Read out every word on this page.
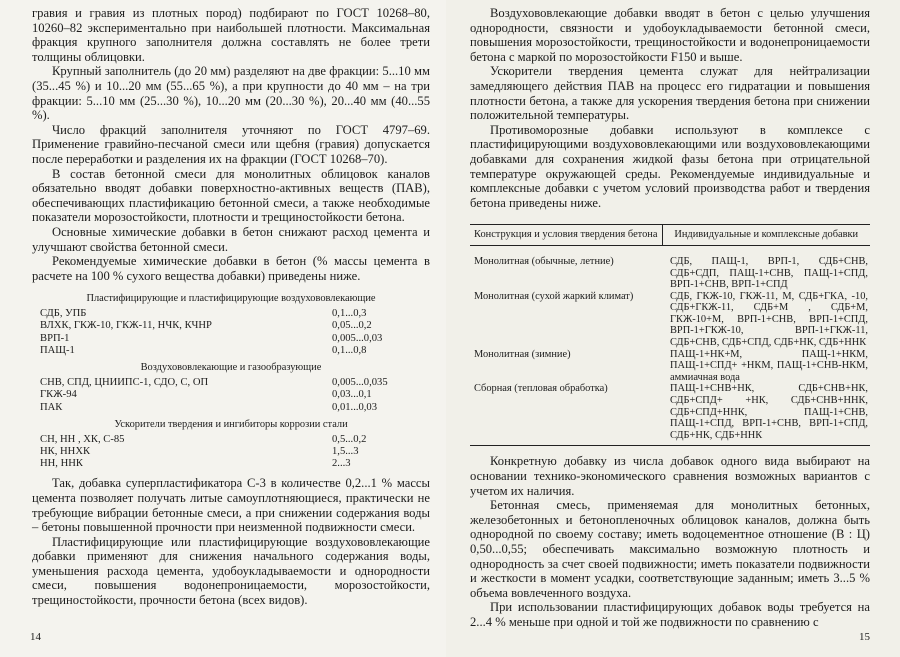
гравия и гравия из плотных пород) подбирают по ГОСТ 10268–80, 10260–82 экспериментально при наибольшей плотности. Максимальная фракция крупного заполнителя должна составлять не более трети толщины облицовки.

Крупный заполнитель (до 20 мм) разделяют на две фракции: 5...10 мм (35...45 %) и 10...20 мм (55...65 %), а при крупности до 40 мм – на три фракции: 5...10 мм (25...30 %), 10...20 мм (20...30 %), 20...40 мм (40...55 %).

Число фракций заполнителя уточняют по ГОСТ 4797–69. Применение гравийно-песчаной смеси или щебня (гравия) допускается после переработки и разделения их на фракции (ГОСТ 10268–70).

В состав бетонной смеси для монолитных облицовок каналов обязательно вводят добавки поверхностно-активных веществ (ПАВ), обеспечивающих пластификацию бетонной смеси, а также необходимые показатели морозостойкости, плотности и трещиностойкости бетона.

Основные химические добавки в бетон снижают расход цемента и улучшают свойства бетонной смеси.

Рекомендуемые химические добавки в бетон (% массы цемента в расчете на 100 % сухого вещества добавки) приведены ниже.

Пластифицирующие и пластифицирующие воздухововлекающие
СДБ, УПБ	0,1...0,3
ВЛХК, ГКЖ-10, ГКЖ-11, НЧК, КЧНР	0,05...0,2
ВРП-1	0,005...0,03
ПАЩ-1	0,1...0,8
Воздухововлекающие и газообразующие
СНВ, СПД, ЦНИИПС-1, СДО, С, ОП	0,005...0,035
ГКЖ-94	0,03...0,1
ПАК	0,01...0,03
Ускорители твердения и ингибиторы коррозии стали
СН, НН , ХК, С-85	0,5...0,2
НК, ННХК	1,5...3
НН, ННК	2...3

Так, добавка суперпластификатора С-3 в количестве 0,2...1 % массы цемента позволяет получать литые самоуплотняющиеся, практически не требующие вибрации бетонные смеси, а при снижении содержания воды – бетоны повышенной прочности при неизменной подвижности смеси.

Пластифицирующие или пластифицирующие воздухововлекающие добавки применяют для снижения начального содержания воды, уменьшения расхода цемента, удобоукладываемости и однородности смеси, повышения водонепроницаемости, морозостойкости, трещиностойкости, прочности бетона (всех видов).

14

Воздухововлекающие добавки вводят в бетон с целью улучшения однородности, связности и удобоукладываемости бетонной смеси, повышения морозостойкости, трещиностойкости и водонепроницаемости бетона с маркой по морозостойкости F150 и выше.

Ускорители твердения цемента служат для нейтрализации замедляющего действия ПАВ на процесс его гидратации и повышения плотности бетона, а также для ускорения твердения бетона при снижении положительной температуры.

Противоморозные добавки используют в комплексе с пластифицирующими воздухововлекающими или воздухововлекающими добавками для сохранения жидкой фазы бетона при отрицательной температуре окружающей среды. Рекомендуемые индивидуальные и комплексные добавки с учетом условий производства работ и твердения бетона приведены ниже.

Конструкция и условия твердения бетона	Индивидуальные и комплексные добавки
Монолитная (обычные, летние)	СДБ, ПАЩ-1, ВРП-1, СДБ+СНВ, СДБ+СДП, ПАЩ-1+СНВ, ПАЩ-1+СПД, ВРП-1+СНВ, ВРП-1+СПД
Монолитная (сухой жаркий климат)	СДБ, ГКЖ-10, ГКЖ-11, М, СДБ+ГКА, -10, СДБ+ГКЖ-11, СДБ+М , СДБ+М, ГКЖ-10+М, ВРП-1+СНВ, ВРП-1+СПД, ВРП-1+ГКЖ-10, ВРП-1+ГКЖ-11, СДБ+СНВ, СДБ+СПД, СДБ+НК, СДБ+ННК
Монолитная (зимние)	ПАЩ-1+НК+М, ПАЩ-1+НКМ, ПАЩ-1+СПД+ +НКМ, ПАЩ-1+СНВ-НКМ, аммиачная вода
Сборная (тепловая обработка)	ПАЩ-1+СНВ+НК, СДБ+СНВ+НК, СДБ+СПД+ +НК, СДБ+СНВ+ННК, СДБ+СПД+ННК, ПАЩ-1+СНВ, ПАЩ-1+СПД, ВРП-1+СНВ, ВРП-1+СПД, СДБ+НК, СДБ+ННК

Конкретную добавку из числа добавок одного вида выбирают на основании технико-экономического сравнения возможных вариантов с учетом их наличия.

Бетонная смесь, применяемая для монолитных бетонных, железобетонных и бетонопленочных облицовок каналов, должна быть однородной по своему составу; иметь водоцементное отношение (В : Ц) 0,50...0,55; обеспечивать максимально возможную плотность и однородность за счет своей подвижности; иметь показатели подвижности и жесткости в момент усадки, соответствующие заданным; иметь 3...5 % объема вовлеченного воздуха.

При использовании пластифицирующих добавок воды требуется на 2...4 % меньше при одной и той же подвижности по сравнению с

15
